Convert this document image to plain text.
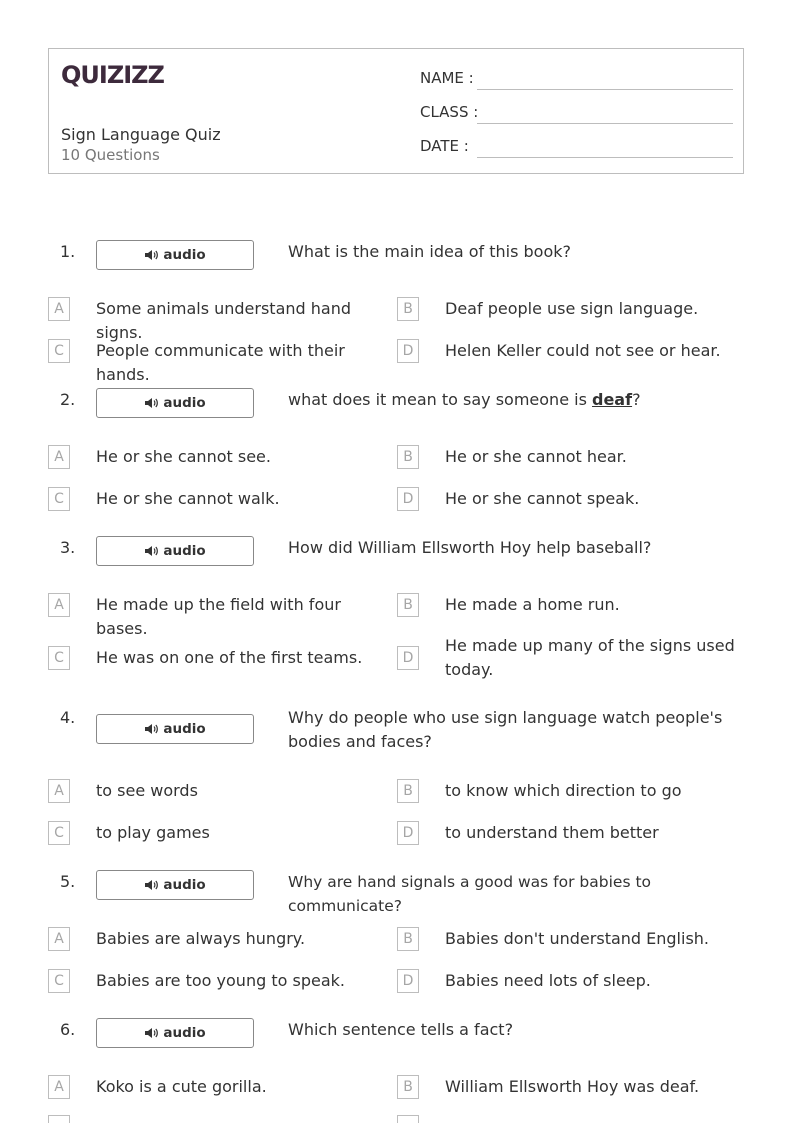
QUIZIZZ
Sign Language Quiz
10 Questions
NAME :
CLASS :
DATE :
1.	audio	What is the main idea of this book?
A	Some animals understand hand signs.
B	Deaf people use sign language.
C	People communicate with their hands.
D	Helen Keller could not see or hear.
2.	audio	what does it mean to say someone is deaf?
A	He or she cannot see.	B	He or she cannot hear.
C	He or she cannot walk.	D	He or she cannot speak.
3.	audio	How did William Ellsworth Hoy help baseball?
A	He made up the field with four bases.
B	He made a home run.
C	He was on one of the first teams.	D
He made up many of the signs used today.
4.
audio
Why do people who use sign language watch people's bodies and faces?
A	to see words	B	to know which direction to go
C	to play games	D	to understand them better
5.	audio	Why are hand signals a good was for babies to communicate?
A	Babies are always hungry.	B	Babies don't understand English.
C	Babies are too young to speak.	D	Babies need lots of sleep.
6.	audio	Which sentence tells a fact?
A	Koko is a cute gorilla.	B	William Ellsworth Hoy was deaf.
